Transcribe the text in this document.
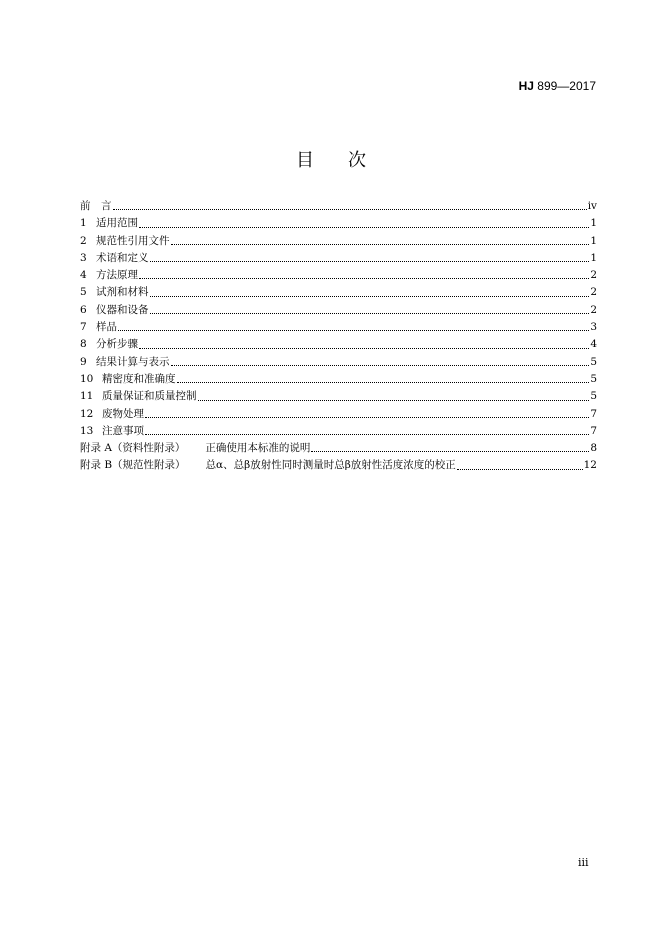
HJ 899—2017
目 次
前　言	iv
1 适用范围	1
2 规范性引用文件	1
3 术语和定义	1
4 方法原理	2
5 试剂和材料	2
6 仪器和设备	2
7 样品	3
8 分析步骤	4
9 结果计算与表示	5
10 精密度和准确度	5
11 质量保证和质量控制	5
12 废物处理	7
13 注意事项	7
附录 A（资料性附录） 正确使用本标准的说明	8
附录 B（规范性附录） 总α、总β放射性同时测量时总β放射性活度浓度的校正	12
iii
